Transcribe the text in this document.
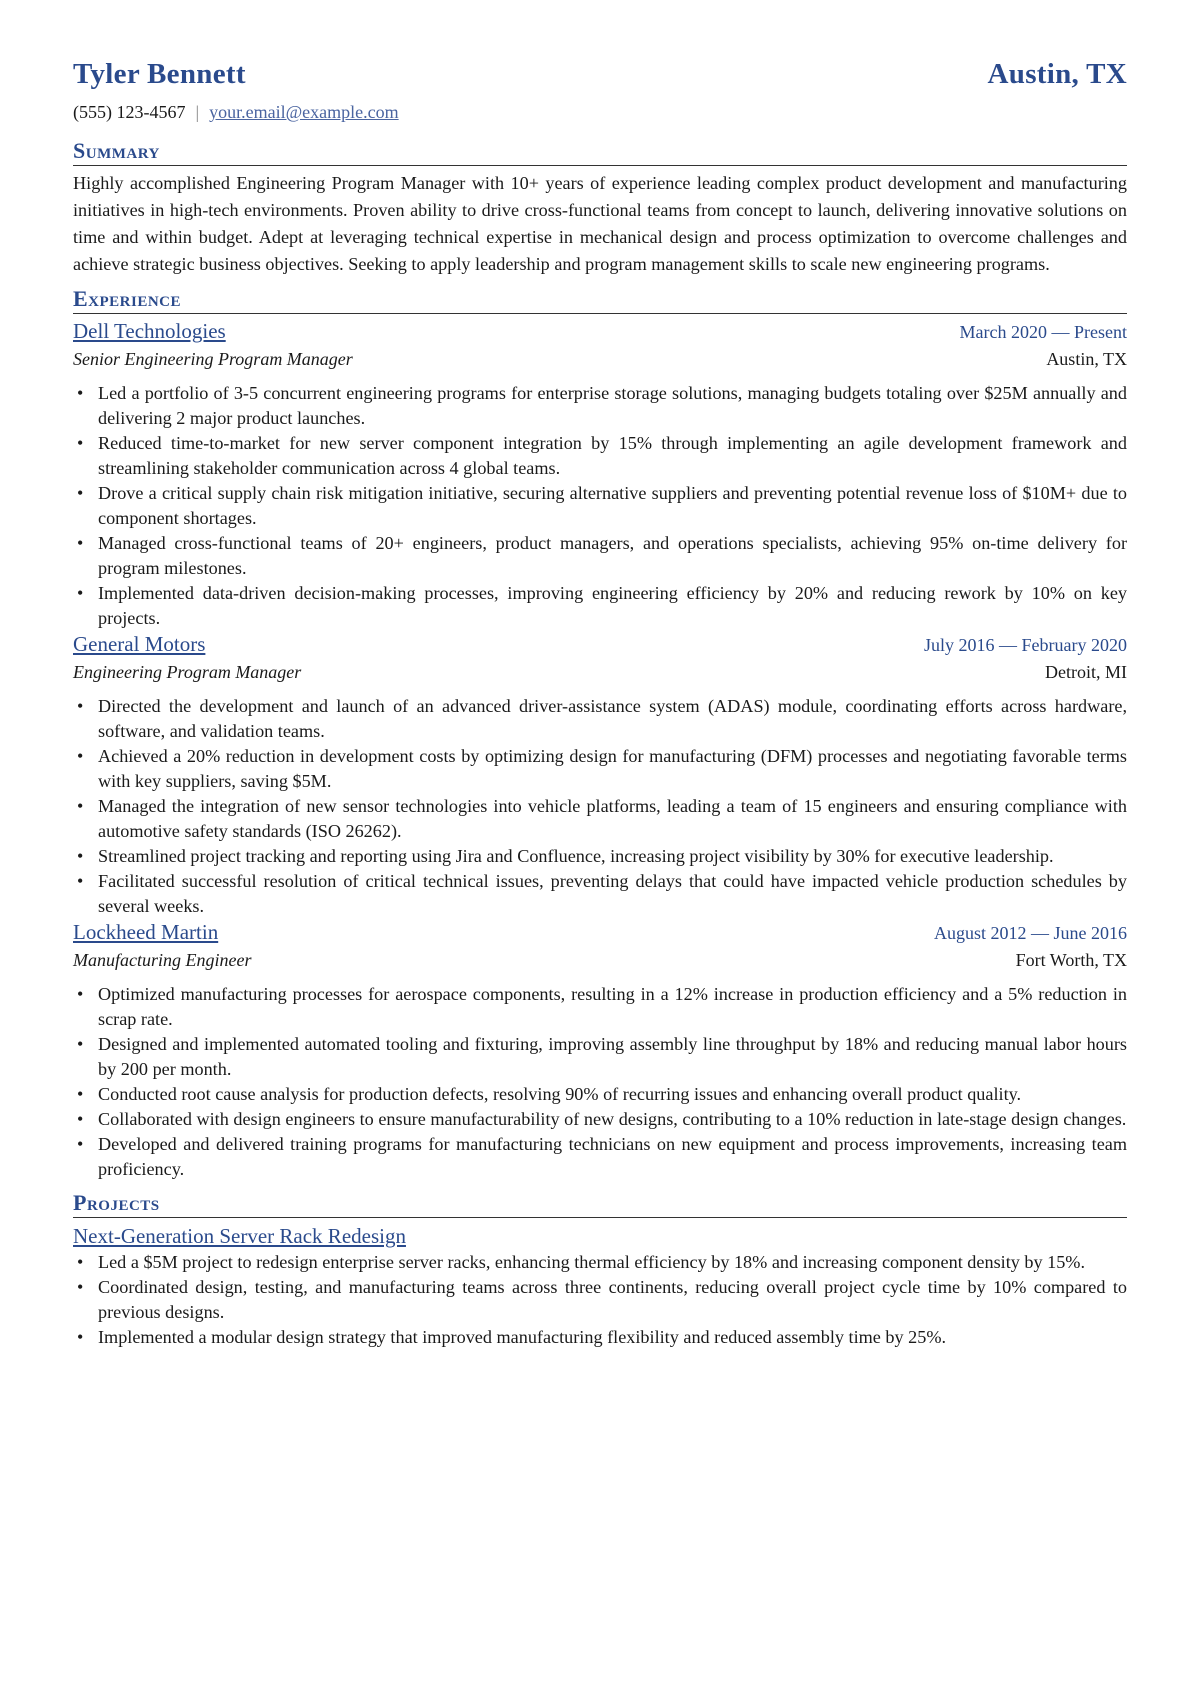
Tyler Bennett	Austin, TX
(555) 123-4567 | your.email@example.com
Summary

Highly accomplished Engineering Program Manager with 10+ years of experience leading complex product development and manufacturing initiatives in high-tech environments. Proven ability to drive cross-functional teams from concept to launch, delivering innovative solutions on time and within budget. Adept at leveraging technical expertise in mechanical design and process optimization to overcome challenges and achieve strategic business objectives. Seeking to apply leadership and program management skills to scale new engineering programs.

Experience
Dell Technologies	March 2020 — Present
Senior Engineering Program Manager	Austin, TX
• Led a portfolio of 3-5 concurrent engineering programs for enterprise storage solutions, managing budgets totaling over $25M annually and delivering 2 major product launches.
• Reduced time-to-market for new server component integration by 15% through implementing an agile development framework and streamlining stakeholder communication across 4 global teams.
• Drove a critical supply chain risk mitigation initiative, securing alternative suppliers and preventing potential revenue loss of $10M+ due to component shortages.
• Managed cross-functional teams of 20+ engineers, product managers, and operations specialists, achieving 95% on-time delivery for program milestones.
• Implemented data-driven decision-making processes, improving engineering efficiency by 20% and reducing rework by 10% on key projects.
General Motors	July 2016 — February 2020
Engineering Program Manager	Detroit, MI
• Directed the development and launch of an advanced driver-assistance system (ADAS) module, coordinating efforts across hardware, software, and validation teams.
• Achieved a 20% reduction in development costs by optimizing design for manufacturing (DFM) processes and negotiating favorable terms with key suppliers, saving $5M.
• Managed the integration of new sensor technologies into vehicle platforms, leading a team of 15 engineers and ensuring compliance with automotive safety standards (ISO 26262).
• Streamlined project tracking and reporting using Jira and Confluence, increasing project visibility by 30% for executive leadership.
• Facilitated successful resolution of critical technical issues, preventing delays that could have impacted vehicle production schedules by several weeks.
Lockheed Martin	August 2012 — June 2016
Manufacturing Engineer	Fort Worth, TX
• Optimized manufacturing processes for aerospace components, resulting in a 12% increase in production efficiency and a 5% reduction in scrap rate.
• Designed and implemented automated tooling and fixturing, improving assembly line throughput by 18% and reducing manual labor hours by 200 per month.
• Conducted root cause analysis for production defects, resolving 90% of recurring issues and enhancing overall product quality.
• Collaborated with design engineers to ensure manufacturability of new designs, contributing to a 10% reduction in late-stage design changes.
• Developed and delivered training programs for manufacturing technicians on new equipment and process improvements, increasing team proficiency.
Projects
Next-Generation Server Rack Redesign
• Led a $5M project to redesign enterprise server racks, enhancing thermal efficiency by 18% and increasing component density by 15%.
• Coordinated design, testing, and manufacturing teams across three continents, reducing overall project cycle time by 10% compared to previous designs.
• Implemented a modular design strategy that improved manufacturing flexibility and reduced assembly time by 25%.
